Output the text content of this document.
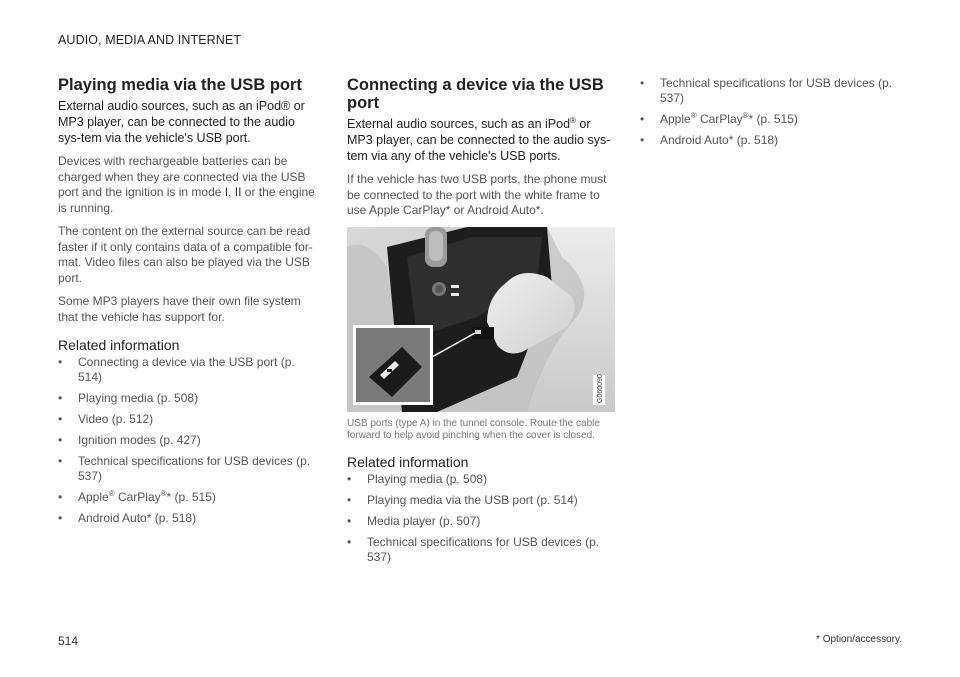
AUDIO, MEDIA AND INTERNET
Playing media via the USB port
External audio sources, such as an iPod® or MP3 player, can be connected to the audio sys-tem via the vehicle's USB port.

Devices with rechargeable batteries can be charged when they are connected via the USB port and the ignition is in mode I, II or the engine is running.

The content on the external source can be read faster if it only contains data of a compatible for-mat. Video files can also be played via the USB port.

Some MP3 players have their own file system that the vehicle has support for.

Related information
• Connecting a device via the USB port (p. 514)
• Playing media (p. 508)
• Video (p. 512)
• Ignition modes (p. 427)
• Technical specifications for USB devices (p. 537)
• Apple® CarPlay®* (p. 515)
• Android Auto* (p. 518)
Connecting a device via the USB port
External audio sources, such as an iPod® or MP3 player, can be connected to the audio sys-tem via any of the vehicle's USB ports.

If the vehicle has two USB ports, the phone must be connected to the port with the white frame to use Apple CarPlay* or Android Auto*.

G060090
USB ports (type A) in the tunnel console. Route the cable forward to help avoid pinching when the cover is closed.
Related information
• Playing media (p. 508)
• Playing media via the USB port (p. 514)
• Media player (p. 507)
• Technical specifications for USB devices (p. 537)
• Technical specifications for USB devices (p. 537)
• Apple® CarPlay®* (p. 515)
• Android Auto* (p. 518)
514	* Option/accessory.
